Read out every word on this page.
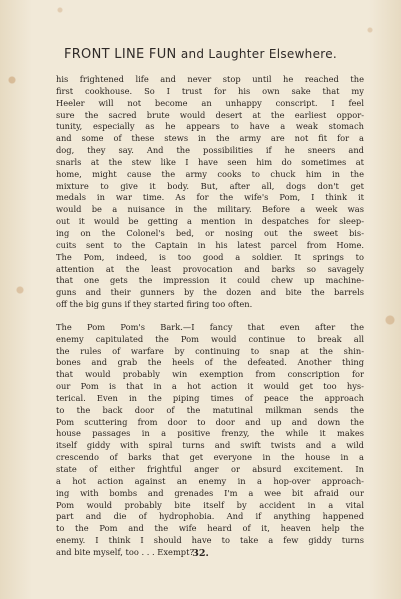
FRONT LINE FUN and Laughter Elsewhere.
his frightened life and never stop until he reached the
first cookhouse. So I trust for his own sake that my
Heeler will not become an unhappy conscript. I feel
sure the sacred brute would desert at the earliest oppor-
tunity, especially as he appears to have a weak stomach
and some of these stews in the army are not fit for a
dog, they say. And the possibilities if he sneers and
snarls at the stew like I have seen him do sometimes at
home, might cause the army cooks to chuck him in the
mixture to give it body. But, after all, dogs don't get
medals in war time. As for the wife's Pom, I think it
would be a nuisance in the military. Before a week was
out it would be getting a mention in despatches for sleep-
ing on the Colonel's bed, or nosing out the sweet bis-
cuits sent to the Captain in his latest parcel from Home.
The Pom, indeed, is too good a soldier. It springs to
attention at the least provocation and barks so savagely
that one gets the impression it could chew up machine-
guns and their gunners by the dozen and bite the barrels
off the big guns if they started firing too often.
The Pom Pom's Bark.—I fancy that even after the
enemy capitulated the Pom would continue to break all
the rules of warfare by continuing to snap at the shin-
bones and grab the heels of the defeated. Another thing
that would probably win exemption from conscription for
our Pom is that in a hot action it would get too hys-
terical. Even in the piping times of peace the approach
to the back door of the matutinal milkman sends the
Pom scuttering from door to door and up and down the
house passages in a positive frenzy, the while it makes
itself giddy with spiral turns and swift twists and a wild
crescendo of barks that get everyone in the house in a
state of either frightful anger or absurd excitement. In
a hot action against an enemy in a hop-over approach-
ing with bombs and grenades I'm a wee bit afraid our
Pom would probably bite itself by accident in a vital
part and die of hydrophobia. And if anything happened
to the Pom and the wife heard of it, heaven help the
enemy. I think I should have to take a few giddy turns
and bite myself, too . . . Exempt?
32.
